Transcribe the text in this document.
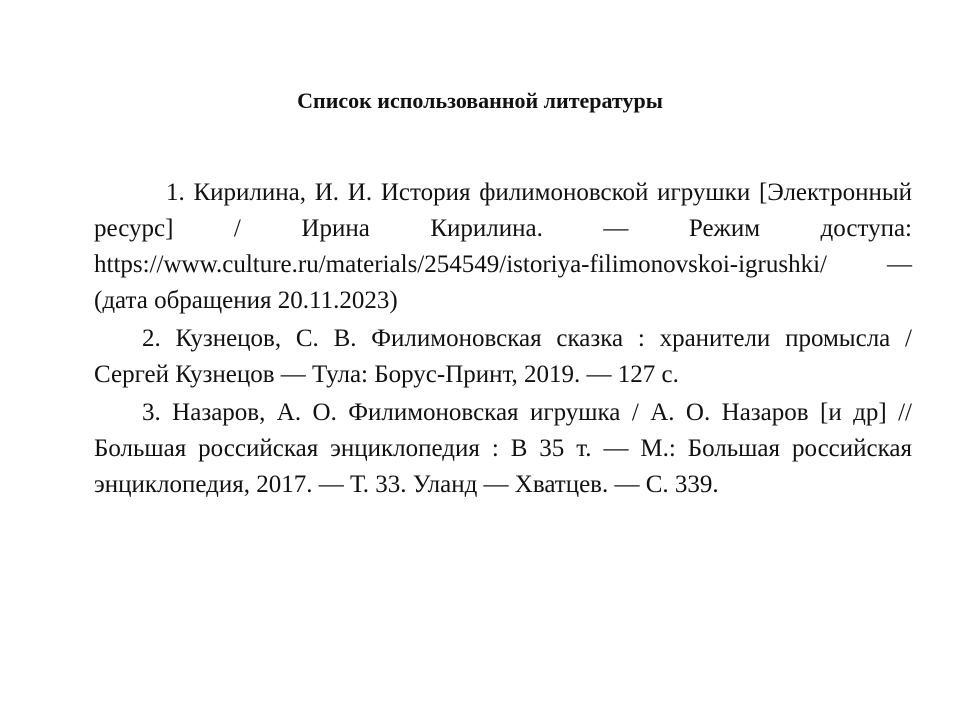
Список использованной литературы
1. Кирилина, И. И. История филимоновской игрушки [Электронный ресурс] / Ирина Кирилина. — Режим доступа: https://www.culture.ru/materials/254549/istoriya-filimonovskoi-igrushki/ — (дата обращения 20.11.2023)
2. Кузнецов, С. В. Филимоновская сказка : хранители промысла / Сергей Кузнецов — Тула: Борус-Принт, 2019. — 127 с.
3. Назаров, А. О. Филимоновская игрушка / А. О. Назаров [и др] // Большая российская энциклопедия : В 35 т. — М.: Большая российская энциклопедия, 2017. — Т. 33. Уланд — Хватцев. — С. 339.
